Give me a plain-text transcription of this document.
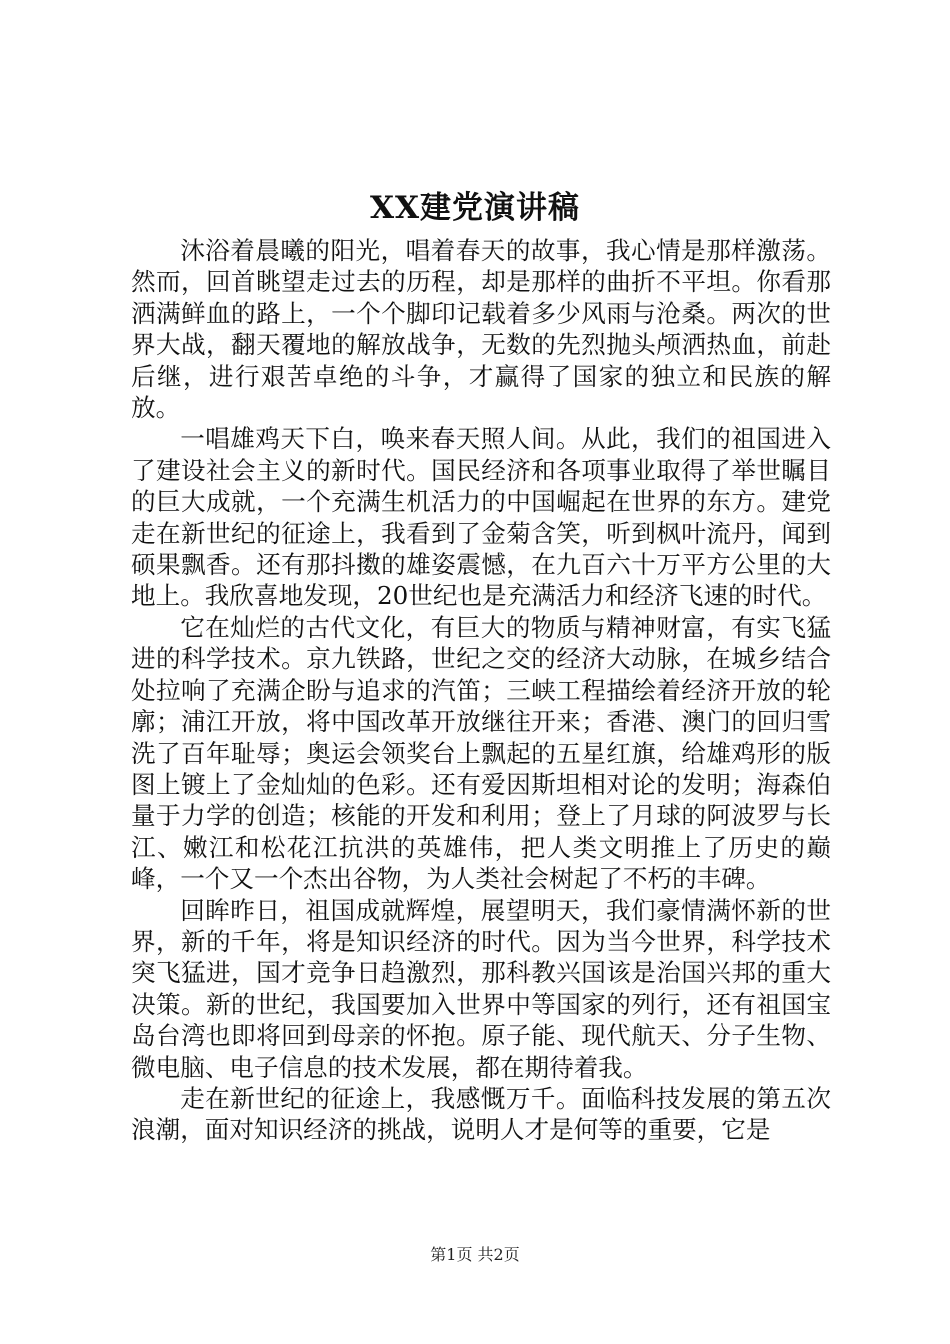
XX建党演讲稿

沐浴着晨曦的阳光，唱着春天的故事，我心情是那样激荡。然而，回首眺望走过去的历程，却是那样的曲折不平坦。你看那洒满鲜血的路上，一个个脚印记载着多少风雨与沧桑。两次的世界大战，翻天覆地的解放战争，无数的先烈抛头颅洒热血，前赴后继，进行艰苦卓绝的斗争，才赢得了国家的独立和民族的解放。

一唱雄鸡天下白，唤来春天照人间。从此，我们的祖国进入了建设社会主义的新时代。国民经济和各项事业取得了举世瞩目的巨大成就，一个充满生机活力的中国崛起在世界的东方。建党走在新世纪的征途上，我看到了金菊含笑，听到枫叶流丹，闻到硕果飘香。还有那抖擞的雄姿震憾，在九百六十万平方公里的大地上。我欣喜地发现，20世纪也是充满活力和经济飞速的时代。

它在灿烂的古代文化，有巨大的物质与精神财富，有实飞猛进的科学技术。京九铁路，世纪之交的经济大动脉，在城乡结合处拉响了充满企盼与追求的汽笛；三峡工程描绘着经济开放的轮廓；浦江开放，将中国改革开放继往开来；香港、澳门的回归雪洗了百年耻辱；奥运会领奖台上飘起的五星红旗，给雄鸡形的版图上镀上了金灿灿的色彩。还有爱因斯坦相对论的发明；海森伯量于力学的创造；核能的开发和利用；登上了月球的阿波罗与长江、嫩江和松花江抗洪的英雄伟，把人类文明推上了历史的巅峰，一个又一个杰出谷物，为人类社会树起了不朽的丰碑。

回眸昨日，祖国成就辉煌，展望明天，我们豪情满怀新的世界，新的千年，将是知识经济的时代。因为当今世界，科学技术突飞猛进，国才竞争日趋激烈，那科教兴国该是治国兴邦的重大决策。新的世纪，我国要加入世界中等国家的列行，还有祖国宝岛台湾也即将回到母亲的怀抱。原子能、现代航天、分子生物、微电脑、电子信息的技术发展，都在期待着我。

走在新世纪的征途上，我感慨万千。面临科技发展的第五次浪潮，面对知识经济的挑战，说明人才是何等的重要，它是

第1页 共2页
